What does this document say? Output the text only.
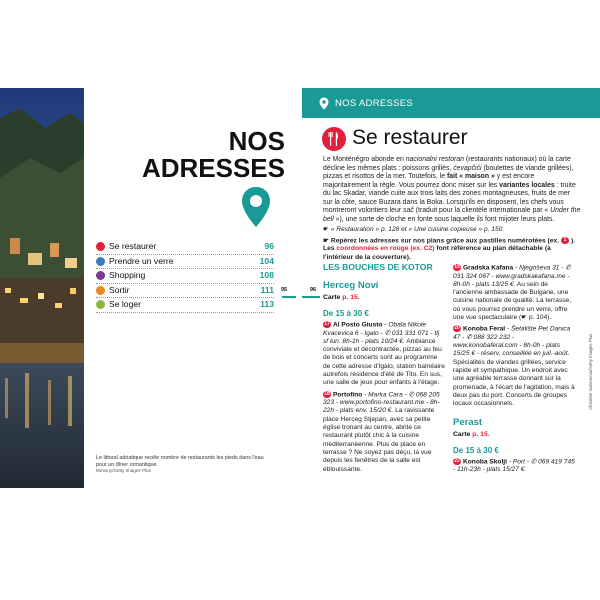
Le littoral adriatique recèle nombre de restaurants les pieds dans l'eau pour un dîner romantique.
Mminny/Getty Images Plus
NOS
ADRESSES
Se restaurer	96
Prendre un verre	104
Shopping	108
Sortir	111
Se loger	113
95	96
NOS ADRESSES
Se restaurer

Le Monténégro abonde en nacionalni restoran (restaurants nationaux) où la carte décline les mêmes plats : poissons grillés, ćevapčići (boulettes de viande grillées), pizzas et risottos de la mer. Toutefois, le fait « maison » y est encore majoritairement la règle. Vous pourrez donc miser sur les variantes locales : truite du lac Skadar, viande cuite aux trois laits des zones montagneuses, fruits de mer sur la côte, sauce Buzara dans la Boka. Lorsqu'ils en disposent, les chefs vous montreront volontiers leur sač (traduit pour la clientèle internationale par « Under the bell »), une sorte de cloche en fonte sous laquelle ils font mijoter leurs plats.

☛ « Restauration » p. 128 et « Une cuisine copieuse » p. 150.
☛ Repérez les adresses sur nos plans grâce aux pastilles numérotées (ex. 1 ). Les coordonnées en rouge (ex. C2) font référence au plan détachable (à l'intérieur de la couverture).
LES BOUCHES DE KOTOR
Herceg Novi
Carte p. 15.
De 15 à 30 €
17 Al Posto Giusto - Obala Nikole Kvacevica 6 - Igalo - ✆ 031 331 071 - tlj sf lun. 8h-1h - plats 10/24 €. Ambiance conviviale et décontractée, pizzas au feu de bois et concerts sont au programme de cette adresse d'Igalo, station balnéaire autrefois résidence d'été de Tito. En sus, une salle de jeux pour enfants à l'étage.
18 Portofino - Marka Cara - ✆ 068 205 323 - www.portofino-restaurant.me - 8h-22h - plats env. 15/20 €. La ravissante place Herceg Stjepan, avec sa petite église tronant au centre, abrite ce restaurant plutôt chic à la cuisine méditerranéenne. Plus de place en terrasse ? Ne soyez pas déçu, la vue depuis les fenêtres de la salle est éblouissante.
19 Gradska Kafana - Njegoševa 31 - ✆ 031 324 067 - www.gradskakafana.me - 8h-0h - plats 13/25 €. Au sein de l'ancienne ambassade de Bulgarie, une cuisine nationale de qualité. La terrasse, où vous pourrez prendre un verre, offre une vue spectaculaire (☛ p. 104).
20 Konoba Feral - Šetalište Pet Danica 47 - ✆ 088 322 232 - www.konobaferal.com - 8h-0h - plats 15/25 € - réserv. conseillée en juil.-août. Spécialités de viandes grillées, service rapide et sympathique. Un endroit avec une agréable terrasse donnant sur la promenade, à l'écart de l'agitation, mais à deux pas du port. Concerts de groupes locaux occasionnels.
Perast
Carte p. 15.
De 15 à 30 €
22 Konoba Skolji - Port - ✆ 069 419 745 - 11h-23h - plats 15/27 €.
Christine Varsenova/Getty Images Plus
